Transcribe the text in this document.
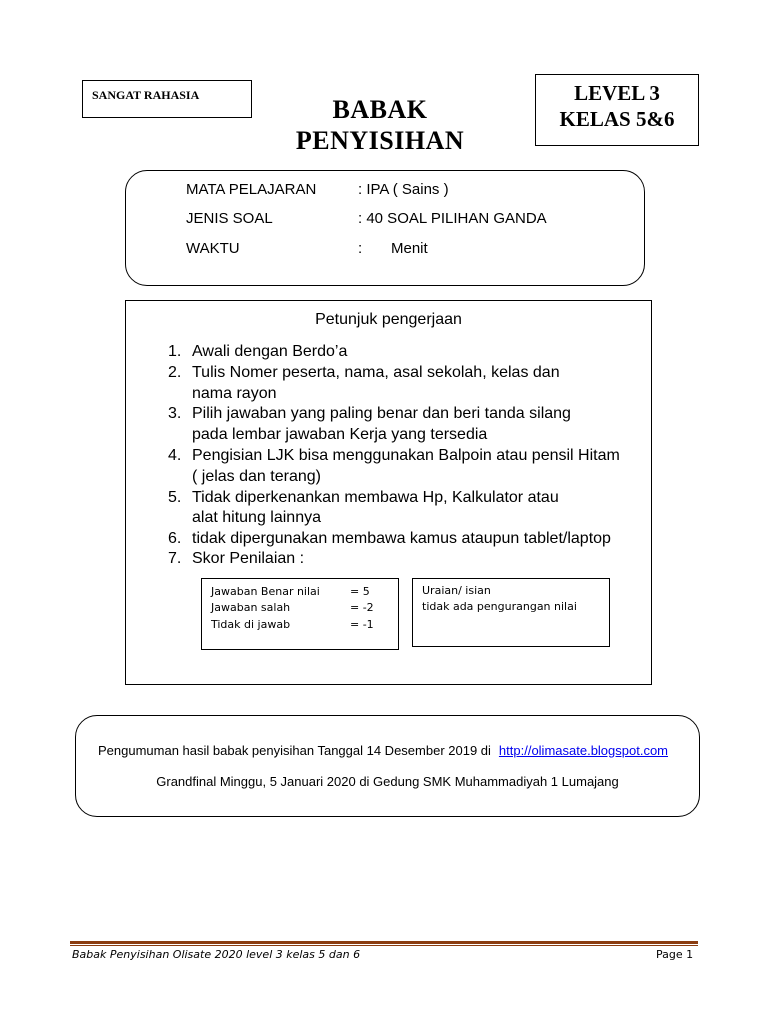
SANGAT RAHASIA	BABAK
PENYISIHAN
LEVEL 3
KELAS 5&6
MATA PELAJARAN	: IPA ( Sains )
JENIS SOAL	: 40 SOAL PILIHAN GANDA
WAKTU	: Menit
Petunjuk pengerjaan
1. Awali dengan Berdo’a
2. Tulis Nomer peserta, nama, asal sekolah, kelas dan
nama rayon
3. Pilih jawaban yang paling benar dan beri tanda silang
pada lembar jawaban Kerja yang tersedia
4. Pengisian LJK bisa menggunakan Balpoin atau pensil Hitam
( jelas dan terang)
5. Tidak diperkenankan membawa Hp, Kalkulator atau
alat hitung lainnya
6. tidak dipergunakan membawa kamus ataupun tablet/laptop
7. Skor Penilaian :
Jawaban Benar nilai	= 5
Jawaban salah	= -2
Tidak di jawab	= -1
Uraian/ isian
tidak ada pengurangan nilai
Pengumuman hasil babak penyisihan Tanggal 14 Desember 2019 di http://olimasate.blogspot.com
Grandfinal Minggu, 5 Januari 2020 di Gedung SMK Muhammadiyah 1 Lumajang
Babak Penyisihan Olisate 2020 level 3 kelas 5 dan 6	Page 1
